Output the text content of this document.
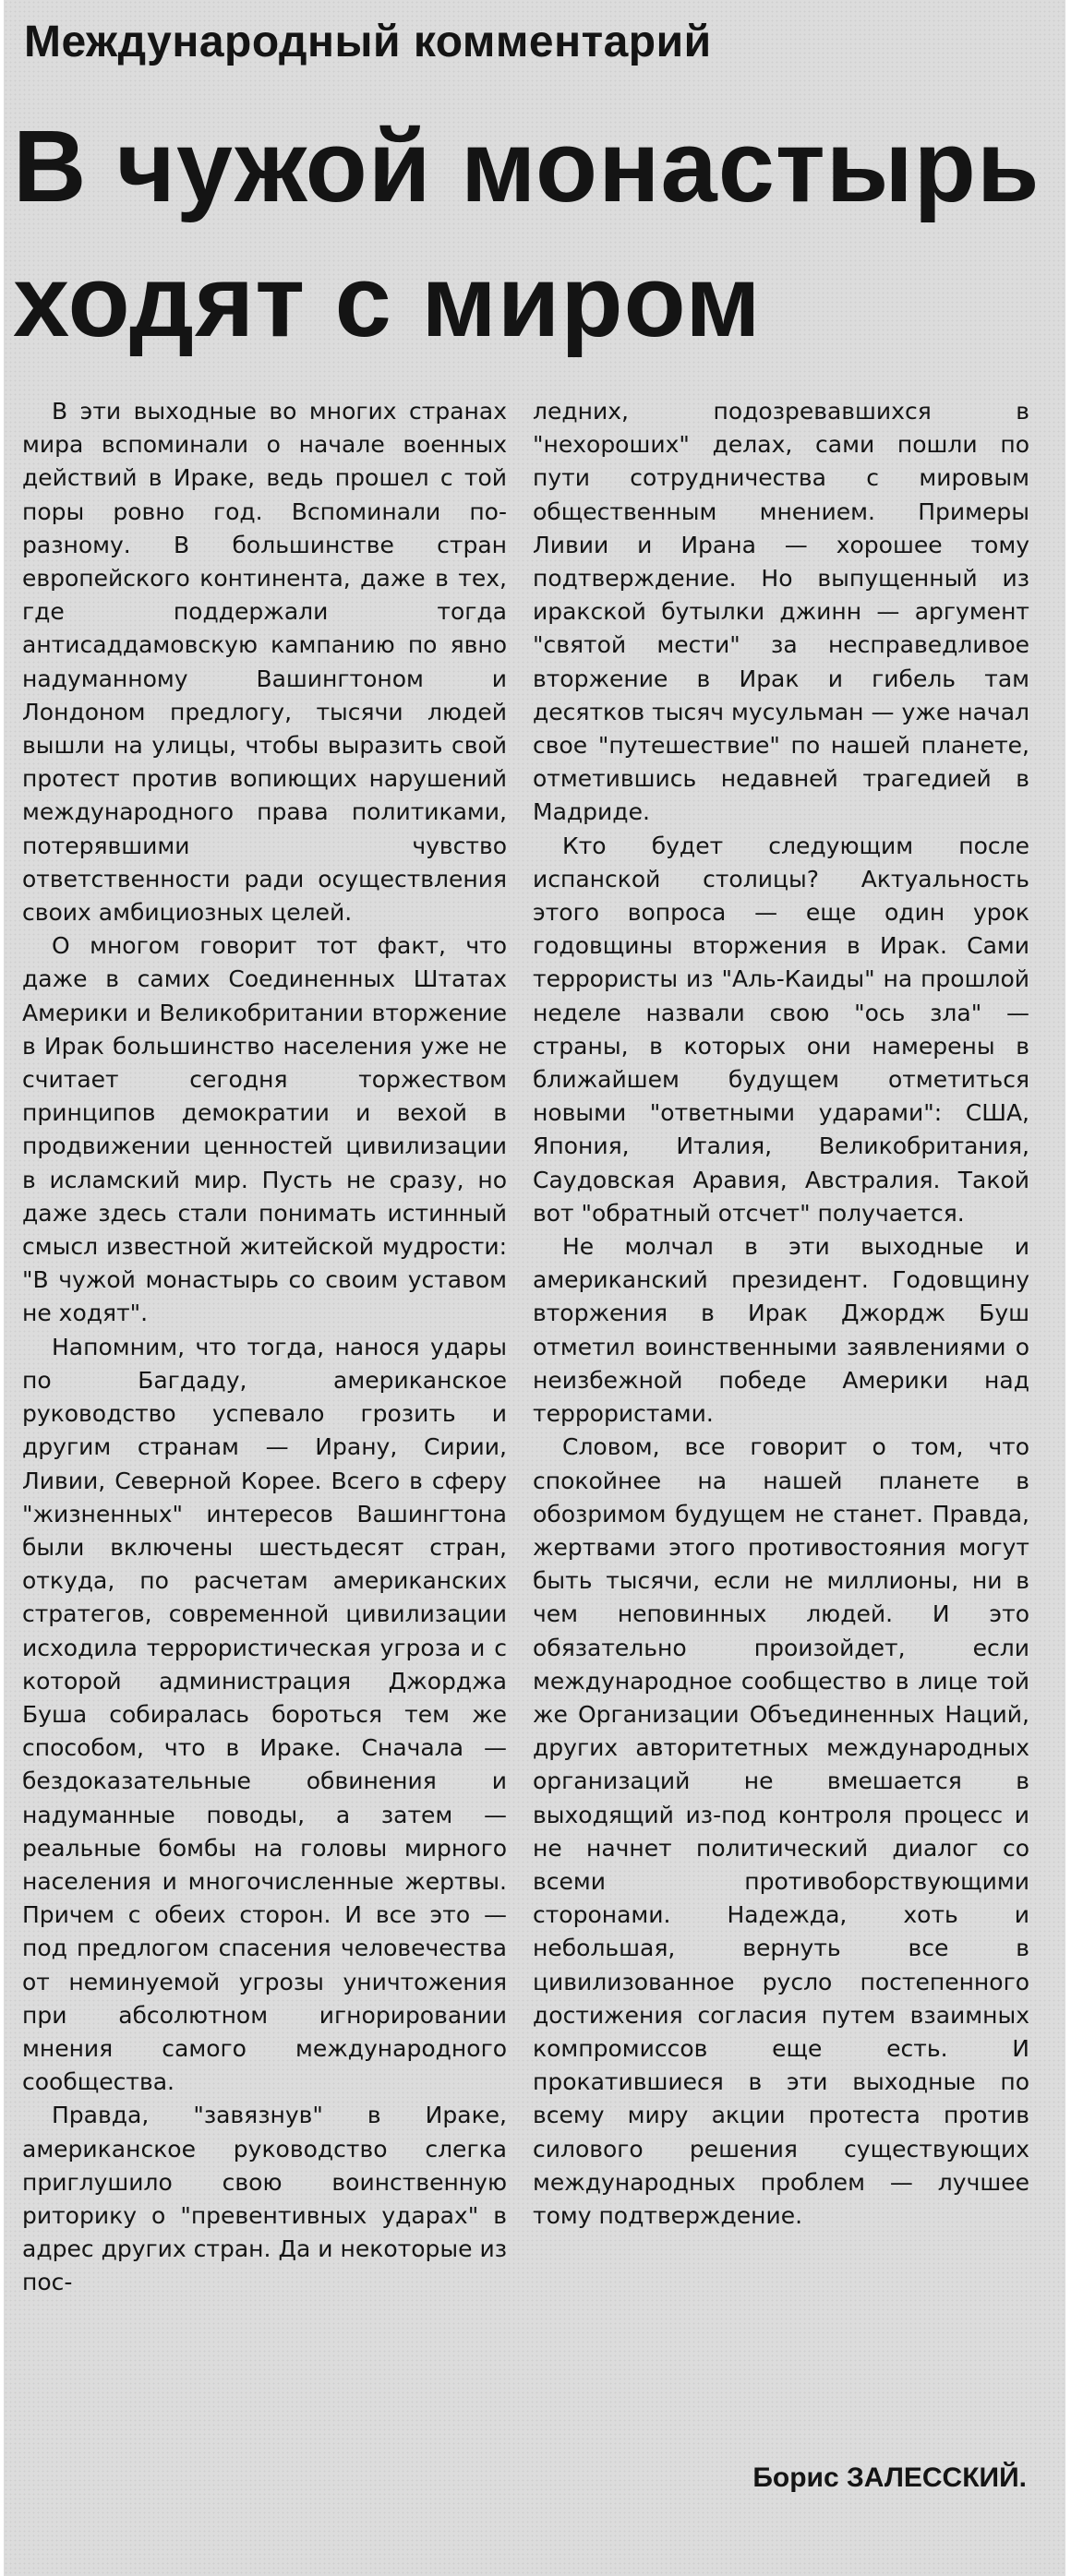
Международный комментарий
В чужой монастырь
ходят с миром

В эти выходные во многих странах мира вспоминали о начале военных действий в Ираке, ведь прошел с той поры ровно год. Вспоминали по-разному. В большинстве стран европейского континента, даже в тех, где поддержали тогда антисаддамовскую кампанию по явно надуманному Вашингтоном и Лондоном предлогу, тысячи людей вышли на улицы, чтобы выразить свой протест против вопиющих нарушений международного права политиками, потерявшими чувство ответственности ради осуществления своих амбициозных целей.

О многом говорит тот факт, что даже в самих Соединенных Штатах Америки и Великобритании вторжение в Ирак большинство населения уже не считает сегодня торжеством принципов демократии и вехой в продвижении ценностей цивилизации в исламский мир. Пусть не сразу, но даже здесь стали понимать истинный смысл известной житейской мудрости: "В чужой монастырь со своим уставом не ходят".

Напомним, что тогда, нанося удары по Багдаду, американское руководство успевало грозить и другим странам — Ирану, Сирии, Ливии, Северной Корее. Всего в сферу "жизненных" интересов Вашингтона были включены шестьдесят стран, откуда, по расчетам американских стратегов, современной цивилизации исходила террористическая угроза и с которой администрация Джорджа Буша собиралась бороться тем же способом, что в Ираке. Сначала — бездоказательные обвинения и надуманные поводы, а затем — реальные бомбы на головы мирного населения и многочисленные жертвы. Причем с обеих сторон. И все это — под предлогом спасения человечества от неминуемой угрозы уничтожения при абсолютном игнорировании мнения самого международного сообщества.

Правда, "завязнув" в Ираке, американское руководство слегка приглушило свою воинственную риторику о "превентивных ударах" в адрес других стран. Да и некоторые из пос-

ледних, подозревавшихся в "нехороших" делах, сами пошли по пути сотрудничества с мировым общественным мнением. Примеры Ливии и Ирана — хорошее тому подтверждение. Но выпущенный из иракской бутылки джинн — аргумент "святой мести" за несправедливое вторжение в Ирак и гибель там десятков тысяч мусульман — уже начал свое "путешествие" по нашей планете, отметившись недавней трагедией в Мадриде.

Кто будет следующим после испанской столицы? Актуальность этого вопроса — еще один урок годовщины вторжения в Ирак. Сами террористы из "Аль-Каиды" на прошлой неделе назвали свою "ось зла" — страны, в которых они намерены в ближайшем будущем отметиться новыми "ответными ударами": США, Япония, Италия, Великобритания, Саудовская Аравия, Австралия. Такой вот "обратный отсчет" получается.

Не молчал в эти выходные и американский президент. Годовщину вторжения в Ирак Джордж Буш отметил воинственными заявлениями о неизбежной победе Америки над террористами.

Словом, все говорит о том, что спокойнее на нашей планете в обозримом будущем не станет. Правда, жертвами этого противостояния могут быть тысячи, если не миллионы, ни в чем неповинных людей. И это обязательно произойдет, если международное сообщество в лице той же Организации Объединенных Наций, других авторитетных международных организаций не вмешается в выходящий из-под контроля процесс и не начнет политический диалог со всеми противоборствующими сторонами. Надежда, хоть и небольшая, вернуть все в цивилизованное русло постепенного достижения согласия путем взаимных компромиссов еще есть. И прокатившиеся в эти выходные по всему миру акции протеста против силового решения существующих международных проблем — лучшее тому подтверждение.

Борис ЗАЛЕССКИЙ.
